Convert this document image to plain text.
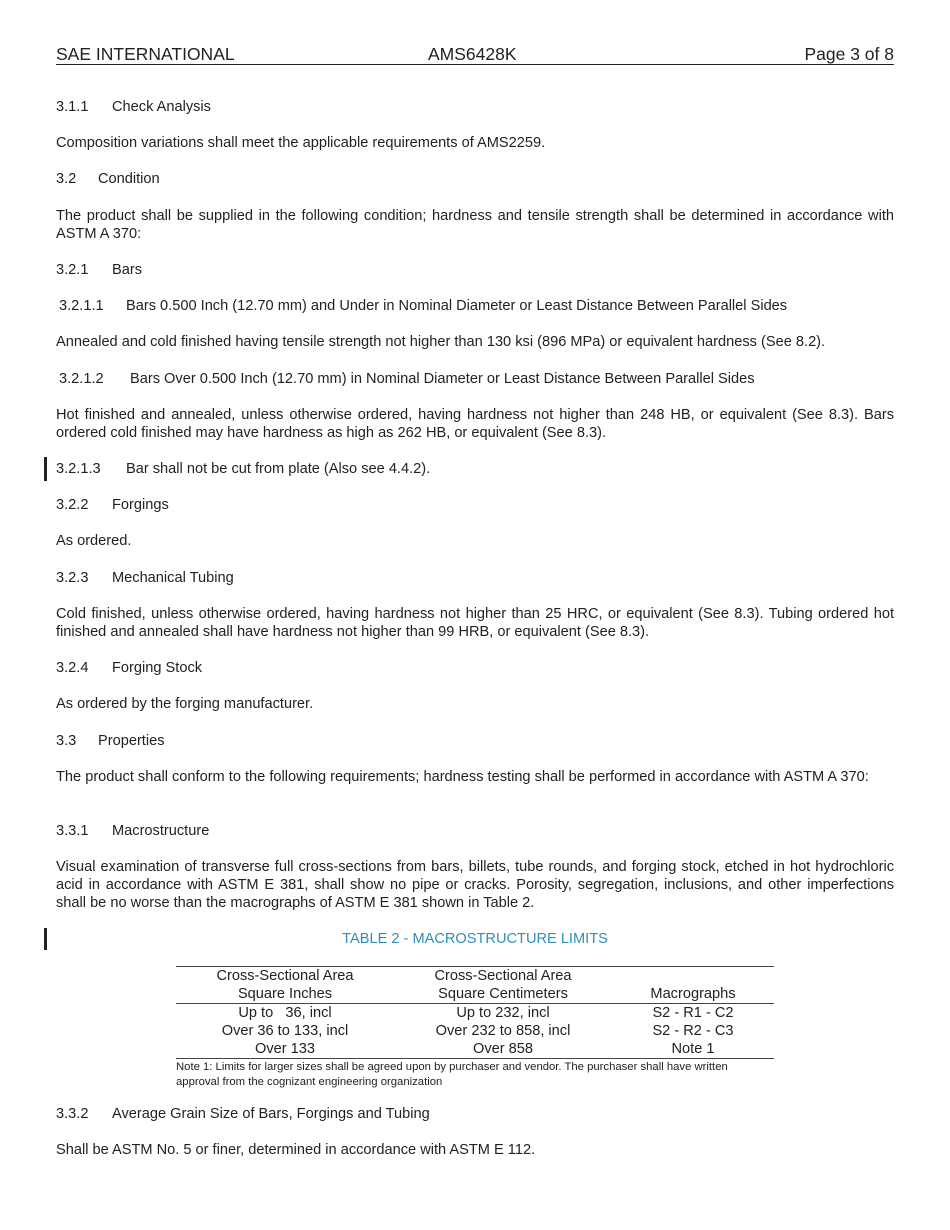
SAE INTERNATIONAL	AMS6428K	Page 3 of 8

3.1.1 Check Analysis

Composition variations shall meet the applicable requirements of AMS2259.

3.2 Condition

The product shall be supplied in the following condition; hardness and tensile strength shall be determined in accordance with ASTM A 370:

3.2.1 Bars

3.2.1.1 Bars 0.500 Inch (12.70 mm) and Under in Nominal Diameter or Least Distance Between Parallel Sides

Annealed and cold finished having tensile strength not higher than 130 ksi (896 MPa) or equivalent hardness (See 8.2).

3.2.1.2 Bars Over 0.500 Inch (12.70 mm) in Nominal Diameter or Least Distance Between Parallel Sides

Hot finished and annealed, unless otherwise ordered, having hardness not higher than 248 HB, or equivalent (See 8.3). Bars ordered cold finished may have hardness as high as 262 HB, or equivalent (See 8.3).

3.2.1.3 Bar shall not be cut from plate (Also see 4.4.2).

3.2.2 Forgings

As ordered.

3.2.3 Mechanical Tubing

Cold finished, unless otherwise ordered, having hardness not higher than 25 HRC, or equivalent (See 8.3). Tubing ordered hot finished and annealed shall have hardness not higher than 99 HRB, or equivalent (See 8.3).

3.2.4 Forging Stock

As ordered by the forging manufacturer.

3.3 Properties

The product shall conform to the following requirements; hardness testing shall be performed in accordance with ASTM A 370:

3.3.1 Macrostructure

Visual examination of transverse full cross-sections from bars, billets, tube rounds, and forging stock, etched in hot hydrochloric acid in accordance with ASTM E 381, shall show no pipe or cracks. Porosity, segregation, inclusions, and other imperfections shall be no worse than the macrographs of ASTM E 381 shown in Table 2.

TABLE 2 - MACROSTRUCTURE LIMITS
Cross-Sectional Area	Cross-Sectional Area	
Square Inches	Square Centimeters	Macrographs
Up to   36, incl	Up to 232, incl	S2 - R1 - C2
Over 36 to 133, incl	Over 232 to 858, incl	S2 - R2 - C3
Over 133	Over 858	Note 1
Note 1: Limits for larger sizes shall be agreed upon by purchaser and vendor. The purchaser shall have written approval from the cognizant engineering organization

3.3.2 Average Grain Size of Bars, Forgings and Tubing

Shall be ASTM No. 5 or finer, determined in accordance with ASTM E 112.
